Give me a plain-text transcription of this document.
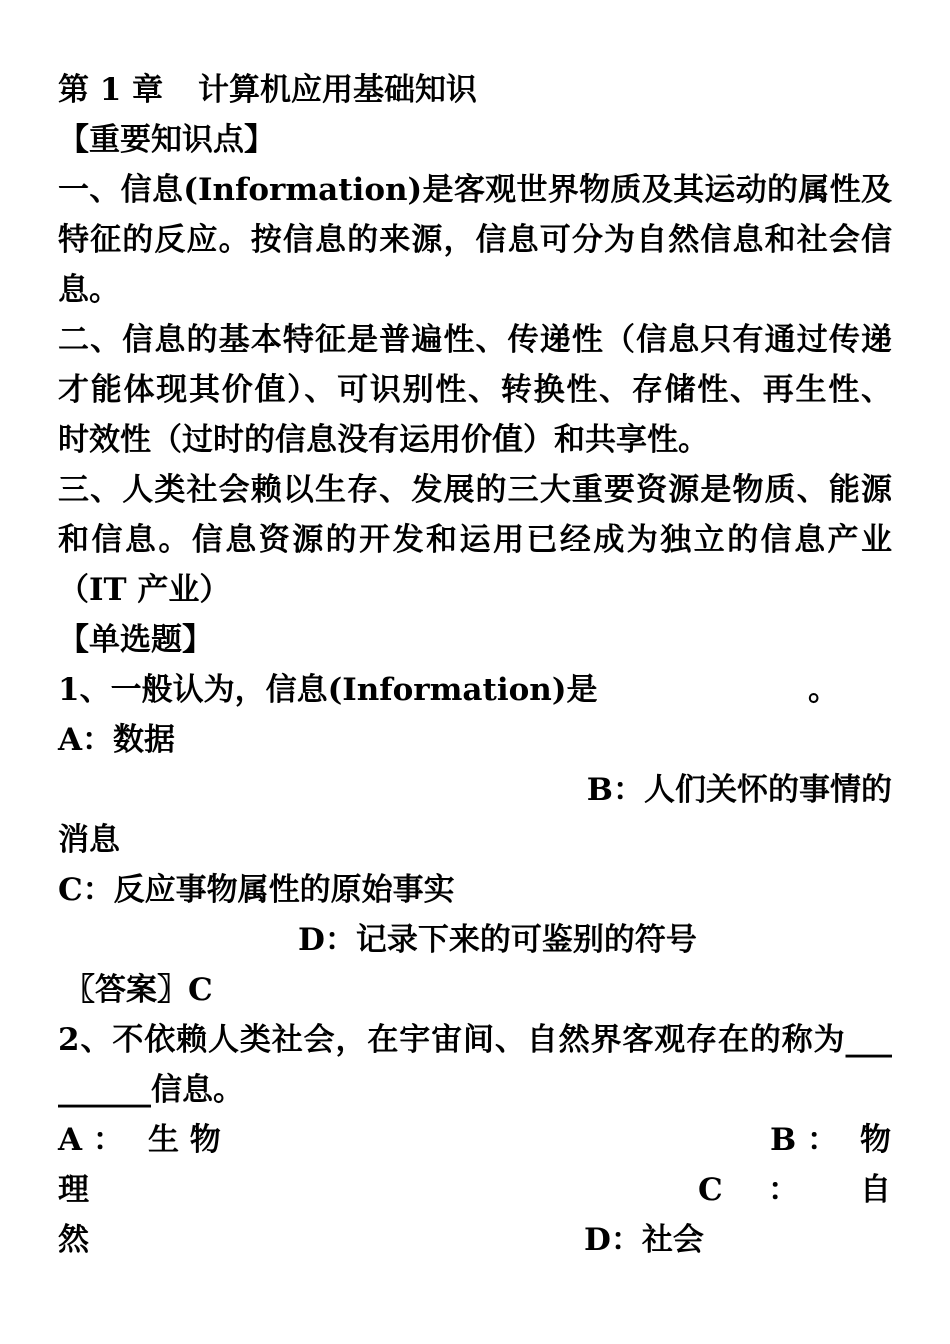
第 1 章 计算机应用基础知识
【重要知识点】
一、信息(Information)是客观世界物质及其运动的属性及
特征的反应。按信息的来源，信息可分为自然信息和社会信
息。
二、信息的基本特征是普遍性、传递性（信息只有通过传递
才能体现其价值）、可识别性、转换性、存储性、再生性、
时效性（过时的信息没有运用价值）和共享性。
三、人类社会赖以生存、发展的三大重要资源是物质、能源
和信息。信息资源的开发和运用已经成为独立的信息产业
（IT 产业）
【单选题】
1、一般认为，信息(Information)是	。
A：数据
B：人们关怀的事情的
消息
C：反应事物属性的原始事实
D：记录下来的可鉴别的符号
〖答案〗C
2、不依赖人类社会，在宇宙间、自然界客观存在的称为___
______信息。
A ： 生 物	B ： 物
理	C ： 自
然	D：社会
